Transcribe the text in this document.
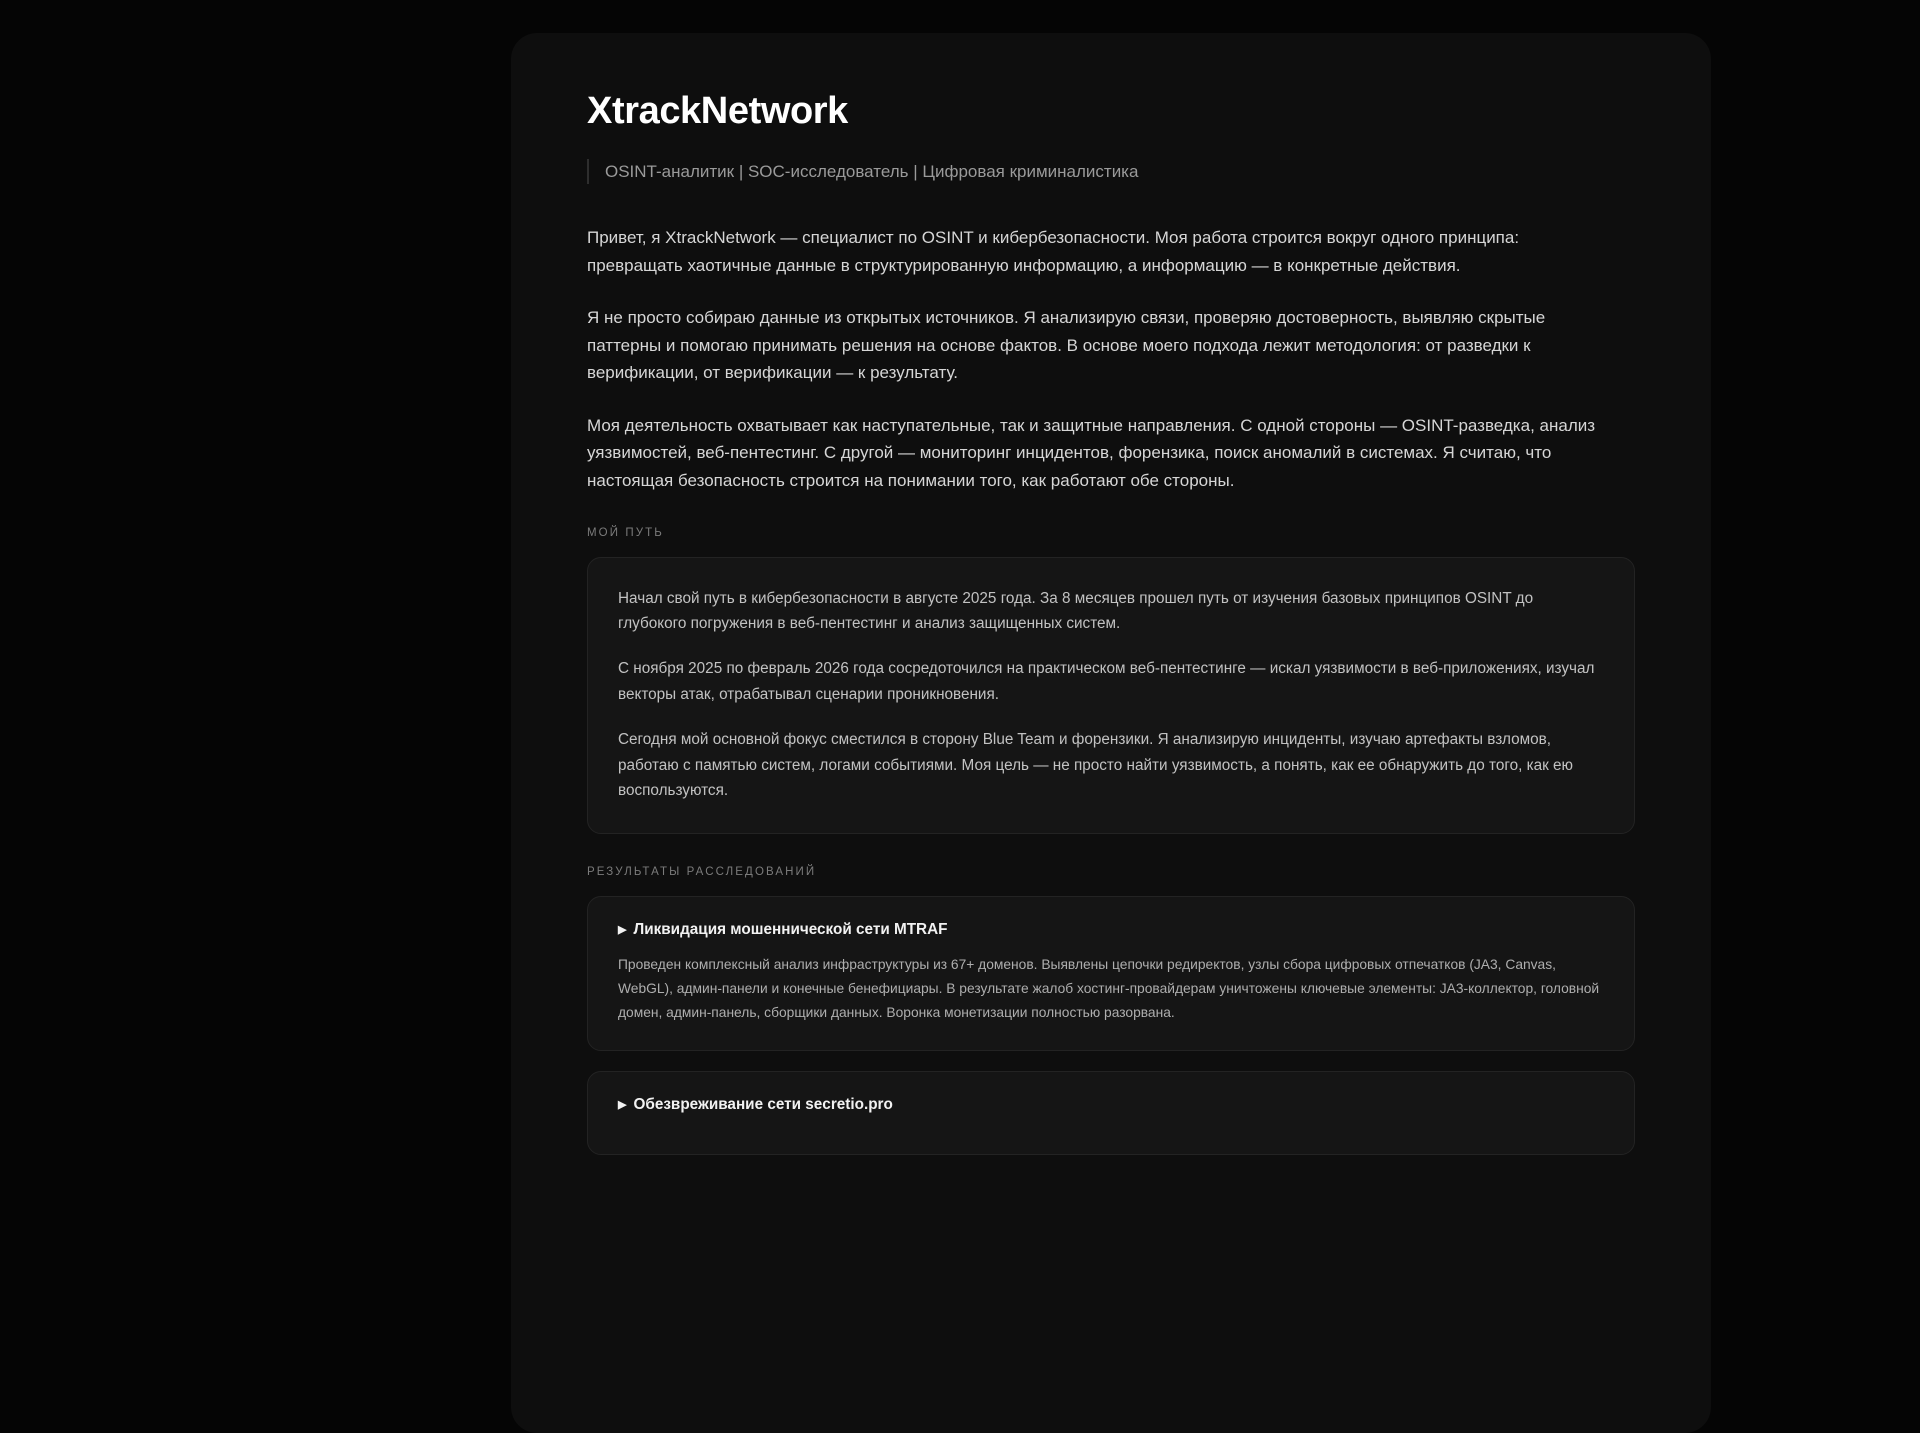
XtrackNetwork
OSINT-аналитик | SOC-исследователь | Цифровая криминалистика

Привет, я XtrackNetwork — специалист по OSINT и кибербезопасности. Моя работа строится вокруг одного принципа: превращать хаотичные данные в структурированную информацию, а информацию — в конкретные действия.

Я не просто собираю данные из открытых источников. Я анализирую связи, проверяю достоверность, выявляю скрытые паттерны и помогаю принимать решения на основе фактов. В основе моего подхода лежит методология: от разведки к верификации, от верификации — к результату.

Моя деятельность охватывает как наступательные, так и защитные направления. С одной стороны — OSINT-разведка, анализ уязвимостей, веб-пентестинг. С другой — мониторинг инцидентов, форензика, поиск аномалий в системах. Я считаю, что настоящая безопасность строится на понимании того, как работают обе стороны.

МОЙ ПУТЬ

Начал свой путь в кибербезопасности в августе 2025 года. За 8 месяцев прошел путь от изучения базовых принципов OSINT до глубокого погружения в веб-пентестинг и анализ защищенных систем.

С ноября 2025 по февраль 2026 года сосредоточился на практическом веб-пентестинге — искал уязвимости в веб-приложениях, изучал векторы атак, отрабатывал сценарии проникновения.

Сегодня мой основной фокус сместился в сторону Blue Team и форензики. Я анализирую инциденты, изучаю артефакты взломов, работаю с памятью систем, логами событиями. Моя цель — не просто найти уязвимость, а понять, как ее обнаружить до того, как ею воспользуются.

РЕЗУЛЬТАТЫ РАССЛЕДОВАНИЙ
▶ Ликвидация мошеннической сети MTRAF
Проведен комплексный анализ инфраструктуры из 67+ доменов. Выявлены цепочки редиректов, узлы сбора цифровых отпечатков (JA3, Canvas, WebGL), админ-панели и конечные бенефициары. В результате жалоб хостинг-провайдерам уничтожены ключевые элементы: JA3-коллектор, головной домен, админ-панель, сборщики данных. Воронка монетизации полностью разорвана.
▶ Обезвреживание сети secretio.pro
